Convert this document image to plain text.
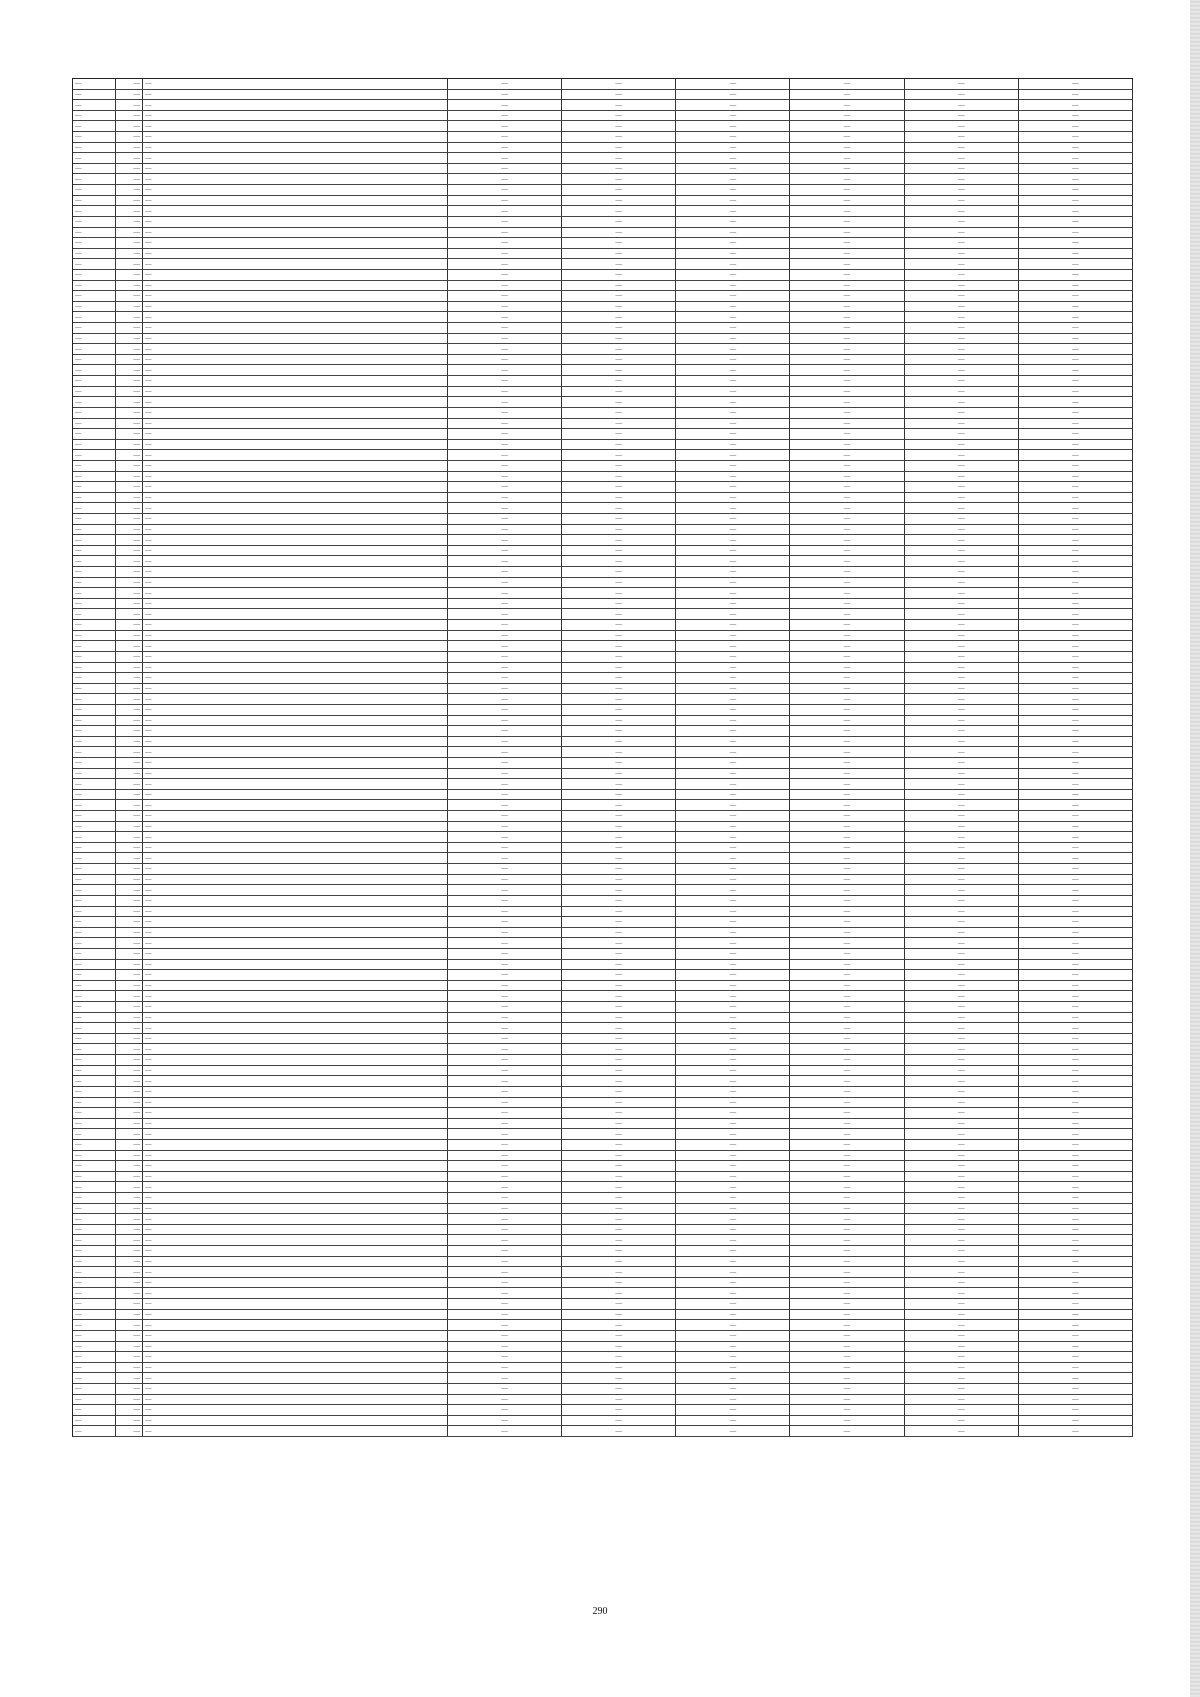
—	—	—	—	—	—	—	—	—
—	—	—	—	—	—	—	—	—
—	—	—	—	—	—	—	—	—
—	—	—	—	—	—	—	—	—
—	—	—	—	—	—	—	—	—
—	—	—	—	—	—	—	—	—
—	—	—	—	—	—	—	—	—
—	—	—	—	—	—	—	—	—
—	—	—	—	—	—	—	—	—
—	—	—	—	—	—	—	—	—
—	—	—	—	—	—	—	—	—
—	—	—	—	—	—	—	—	—
—	—	—	—	—	—	—	—	—
—	—	—	—	—	—	—	—	—
—	—	—	—	—	—	—	—	—
—	—	—	—	—	—	—	—	—
—	—	—	—	—	—	—	—	—
—	—	—	—	—	—	—	—	—
—	—	—	—	—	—	—	—	—
—	—	—	—	—	—	—	—	—
—	—	—	—	—	—	—	—	—
—	—	—	—	—	—	—	—	—
—	—	—	—	—	—	—	—	—
—	—	—	—	—	—	—	—	—
—	—	—	—	—	—	—	—	—
—	—	—	—	—	—	—	—	—
—	—	—	—	—	—	—	—	—
—	—	—	—	—	—	—	—	—
—	—	—	—	—	—	—	—	—
—	—	—	—	—	—	—	—	—
—	—	—	—	—	—	—	—	—
—	—	—	—	—	—	—	—	—
—	—	—	—	—	—	—	—	—
—	—	—	—	—	—	—	—	—
—	—	—	—	—	—	—	—	—
—	—	—	—	—	—	—	—	—
—	—	—	—	—	—	—	—	—
—	—	—	—	—	—	—	—	—
—	—	—	—	—	—	—	—	—
—	—	—	—	—	—	—	—	—
—	—	—	—	—	—	—	—	—
—	—	—	—	—	—	—	—	—
—	—	—	—	—	—	—	—	—
—	—	—	—	—	—	—	—	—
—	—	—	—	—	—	—	—	—
—	—	—	—	—	—	—	—	—
—	—	—	—	—	—	—	—	—
—	—	—	—	—	—	—	—	—
—	—	—	—	—	—	—	—	—
—	—	—	—	—	—	—	—	—
—	—	—	—	—	—	—	—	—
—	—	—	—	—	—	—	—	—
—	—	—	—	—	—	—	—	—
—	—	—	—	—	—	—	—	—
—	—	—	—	—	—	—	—	—
—	—	—	—	—	—	—	—	—
—	—	—	—	—	—	—	—	—
—	—	—	—	—	—	—	—	—
—	—	—	—	—	—	—	—	—
—	—	—	—	—	—	—	—	—
—	—	—	—	—	—	—	—	—
—	—	—	—	—	—	—	—	—
—	—	—	—	—	—	—	—	—
—	—	—	—	—	—	—	—	—
—	—	—	—	—	—	—	—	—
—	—	—	—	—	—	—	—	—
—	—	—	—	—	—	—	—	—
—	—	—	—	—	—	—	—	—
—	—	—	—	—	—	—	—	—
—	—	—	—	—	—	—	—	—
—	—	—	—	—	—	—	—	—
—	—	—	—	—	—	—	—	—
—	—	—	—	—	—	—	—	—
—	—	—	—	—	—	—	—	—
—	—	—	—	—	—	—	—	—
—	—	—	—	—	—	—	—	—
—	—	—	—	—	—	—	—	—
—	—	—	—	—	—	—	—	—
—	—	—	—	—	—	—	—	—
—	—	—	—	—	—	—	—	—
—	—	—	—	—	—	—	—	—
—	—	—	—	—	—	—	—	—
—	—	—	—	—	—	—	—	—
—	—	—	—	—	—	—	—	—
—	—	—	—	—	—	—	—	—
—	—	—	—	—	—	—	—	—
—	—	—	—	—	—	—	—	—
—	—	—	—	—	—	—	—	—
—	—	—	—	—	—	—	—	—
—	—	—	—	—	—	—	—	—
—	—	—	—	—	—	—	—	—
—	—	—	—	—	—	—	—	—
—	—	—	—	—	—	—	—	—
—	—	—	—	—	—	—	—	—
—	—	—	—	—	—	—	—	—
—	—	—	—	—	—	—	—	—
—	—	—	—	—	—	—	—	—
—	—	—	—	—	—	—	—	—
—	—	—	—	—	—	—	—	—
—	—	—	—	—	—	—	—	—
—	—	—	—	—	—	—	—	—
—	—	—	—	—	—	—	—	—
—	—	—	—	—	—	—	—	—
—	—	—	—	—	—	—	—	—
—	—	—	—	—	—	—	—	—
—	—	—	—	—	—	—	—	—
—	—	—	—	—	—	—	—	—
—	—	—	—	—	—	—	—	—
—	—	—	—	—	—	—	—	—
—	—	—	—	—	—	—	—	—
—	—	—	—	—	—	—	—	—
—	—	—	—	—	—	—	—	—
—	—	—	—	—	—	—	—	—
—	—	—	—	—	—	—	—	—
—	—	—	—	—	—	—	—	—
—	—	—	—	—	—	—	—	—
—	—	—	—	—	—	—	—	—
—	—	—	—	—	—	—	—	—
—	—	—	—	—	—	—	—	—
—	—	—	—	—	—	—	—	—
—	—	—	—	—	—	—	—	—
—	—	—	—	—	—	—	—	—
—	—	—	—	—	—	—	—	—
—	—	—	—	—	—	—	—	—
—	—	—	—	—	—	—	—	—
—	—	—	—	—	—	—	—	—
—	—	—	—	—	—	—	—	—
—	—	—	—	—	—	—	—	—
290
